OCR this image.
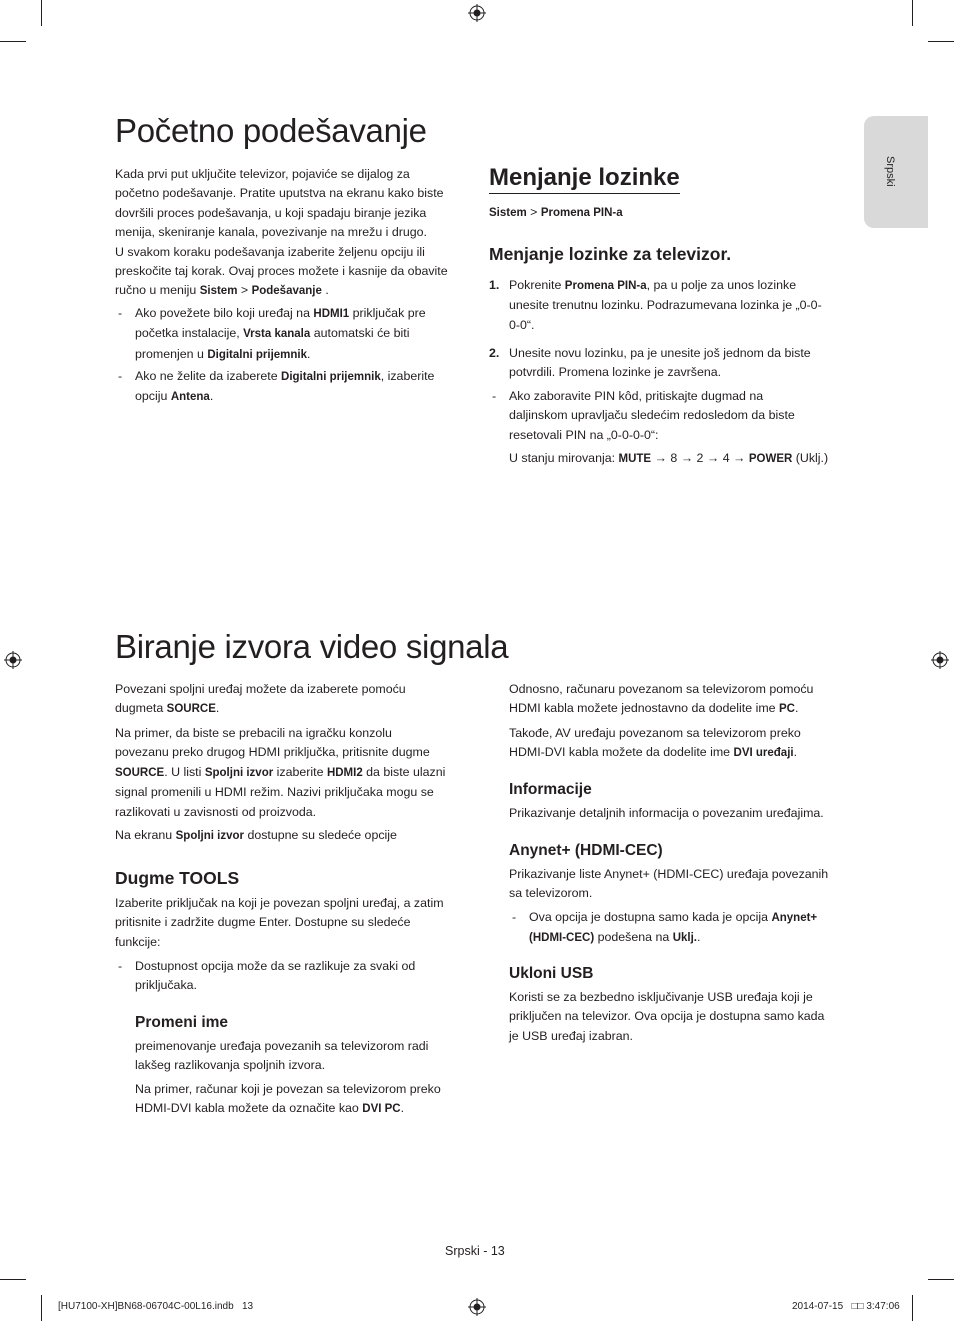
Srpski
Početno podešavanje
Kada prvi put uključite televizor, pojaviće se dijalog za
početno podešavanje. Pratite uputstva na ekranu kako biste
dovršili proces podešavanja, u koji spadaju biranje jezika
menija, skeniranje kanala, povezivanje na mrežu i drugo.
U svakom koraku podešavanja izaberite željenu opciju ili
preskočite taj korak. Ovaj proces možete i kasnije da obavite
ručno u meniju Sistem > Podešavanje .
- Ako povežete bilo koji uređaj na HDMI1 priključak pre
početka instalacije, Vrsta kanala automatski će biti
promenjen u Digitalni prijemnik.
- Ako ne želite da izaberete Digitalni prijemnik, izaberite
opciju Antena.
Menjanje lozinke
Sistem > Promena PIN-a
Menjanje lozinke za televizor.
1. Pokrenite Promena PIN-a, pa u polje za unos lozinke
unesite trenutnu lozinku. Podrazumevana lozinka je „0-0-
0-0“.
2. Unesite novu lozinku, pa je unesite još jednom da biste
potvrdili. Promena lozinke je završena.
- Ako zaboravite PIN kôd, pritiskajte dugmad na
daljinskom upravljaču sledećim redosledom da biste
resetovali PIN na „0-0-0-0“:
U stanju mirovanja: MUTE → 8 → 2 → 4 → POWER (Uklj.)
Biranje izvora video signala
Povezani spoljni uređaj možete da izaberete pomoću
dugmeta SOURCE.
Na primer, da biste se prebacili na igračku konzolu
povezanu preko drugog HDMI priključka, pritisnite dugme
SOURCE. U listi Spoljni izvor izaberite HDMI2 da biste ulazni
signal promenili u HDMI režim. Nazivi priključaka mogu se
razlikovati u zavisnosti od proizvoda.
Na ekranu Spoljni izvor dostupne su sledeće opcije
Dugme TOOLS
Izaberite priključak na koji je povezan spoljni uređaj, a zatim
pritisnite i zadržite dugme Enter. Dostupne su sledeće
funkcije:
- Dostupnost opcija može da se razlikuje za svaki od
priključaka.
Promeni ime
preimenovanje uređaja povezanih sa televizorom radi
lakšeg razlikovanja spoljnih izvora.
Na primer, računar koji je povezan sa televizorom preko
HDMI-DVI kabla možete da označite kao DVI PC.
Odnosno, računaru povezanom sa televizorom pomoću
HDMI kabla možete jednostavno da dodelite ime PC.
Takođe, AV uređaju povezanom sa televizorom preko
HDMI-DVI kabla možete da dodelite ime DVI uređaji.
Informacije
Prikazivanje detaljnih informacija o povezanim uređajima.
Anynet+ (HDMI-CEC)
Prikazivanje liste Anynet+ (HDMI-CEC) uređaja povezanih
sa televizorom.
- Ova opcija je dostupna samo kada je opcija Anynet+
(HDMI-CEC) podešena na Uklj..
Ukloni USB
Koristi se za bezbedno isključivanje USB uređaja koji je
priključen na televizor. Ova opcija je dostupna samo kada
je USB uređaj izabran.
Srpski - 13
[HU7100-XH]BN68-06704C-00L16.indb   13	2014-07-15   □□ 3:47:06
